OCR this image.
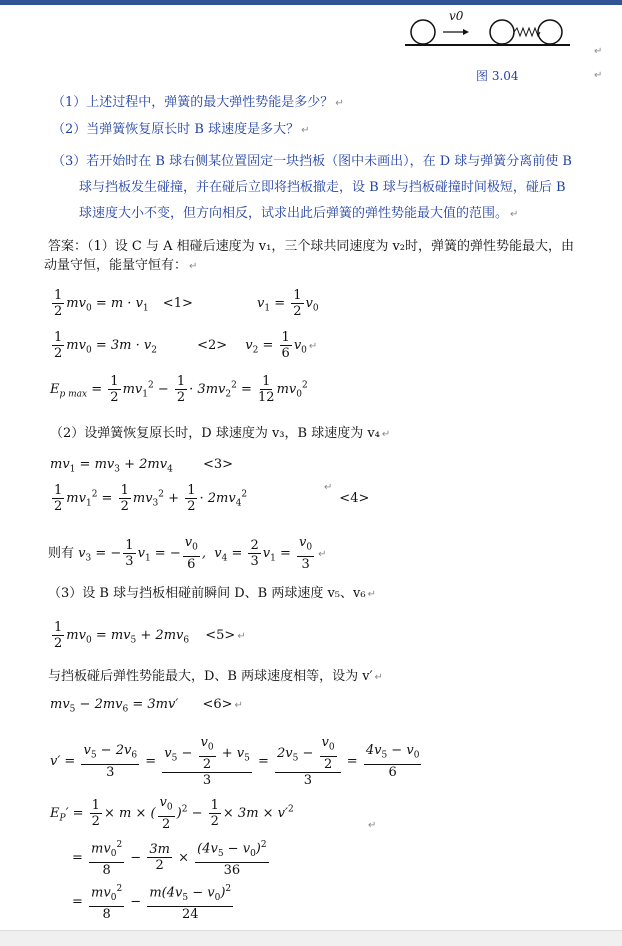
v0
图 3.04
↵
↵
（1）上述过程中，弹簧的最大弹性势能是多少？ ↵
（2）当弹簧恢复原长时 B 球速度是多大？ ↵
（3）若开始时在 B 球右侧某位置固定一块挡板（图中未画出），在 D 球与弹簧分离前使 B
球与挡板发生碰撞，并在碰后立即将挡板撤走，设 B 球与挡板碰撞时间极短，碰后 B
球速度大小不变，但方向相反，试求出此后弹簧的弹性势能最大值的范围。 ↵
答案：（1）设 C 与 A 相碰后速度为 v₁，三个球共同速度为 v₂时，弹簧的弹性势能最大，由
动量守恒，能量守恒有： ↵
$\frac{1}{2} mv_0 = m \cdot v_1 <1>$	$v_1 = \frac{1}{2} v_0$
$\frac{1}{2} mv_0 = 3m \cdot v_2$	$<2> v_2 = \frac{1}{6} v_0$ ↵
$E_{p max} = \frac{1}{2} mv_1^2 - \frac{1}{2} \cdot 3mv_2^2 = \frac{1}{12} mv_0^2$
（2）设弹簧恢复原长时，D 球速度为 v₃，B 球速度为 v₄ ↵
$mv_1 = mv_3 + 2mv_4 <3>$
$\frac{1}{2} mv_1^2 = \frac{1}{2} mv_3^2 + \frac{1}{2} \cdot 2mv_4^2$	<4>
↵
则有 $v_3$ = − $\frac{1}{3} v_1$ = − $\frac{v_0}{6}$ ,  $v_4 = \frac{2}{3} v_1 = \frac{v_0}{3}$ ↵
（3）设 B 球与挡板相碰前瞬间 D、B 两球速度 v₅、v₆ ↵
$\frac{1}{2} mv_0 = mv_5 + 2mv_6 <5>$ ↵
与挡板碰后弹性势能最大，D、B 两球速度相等，设为 v′ ↵
$mv_5 - 2mv_6 = 3mv' <6>$ ↵
$v' = \frac{v_5 - 2v_6}{3} = \frac{v_5 - \frac{v_0}{2} + v_5}{3} = \frac{2v_5 - \frac{v_0}{2}}{3} = \frac{4v_5 - v_0}{6}$
$E_P' = \frac{1}{2} \times m$ × ( $\frac{v_0}{2} )^2 - \frac{1}{2} \times 3m \times v'^2$
↵
= $\frac{mv_0^2}{8} - \frac{3m}{2} \times \frac{(4v_5 - v_0)^2}{36}$
= $\frac{mv_0^2}{8} - \frac{m(4v_5 - v_0)^2}{24}$
